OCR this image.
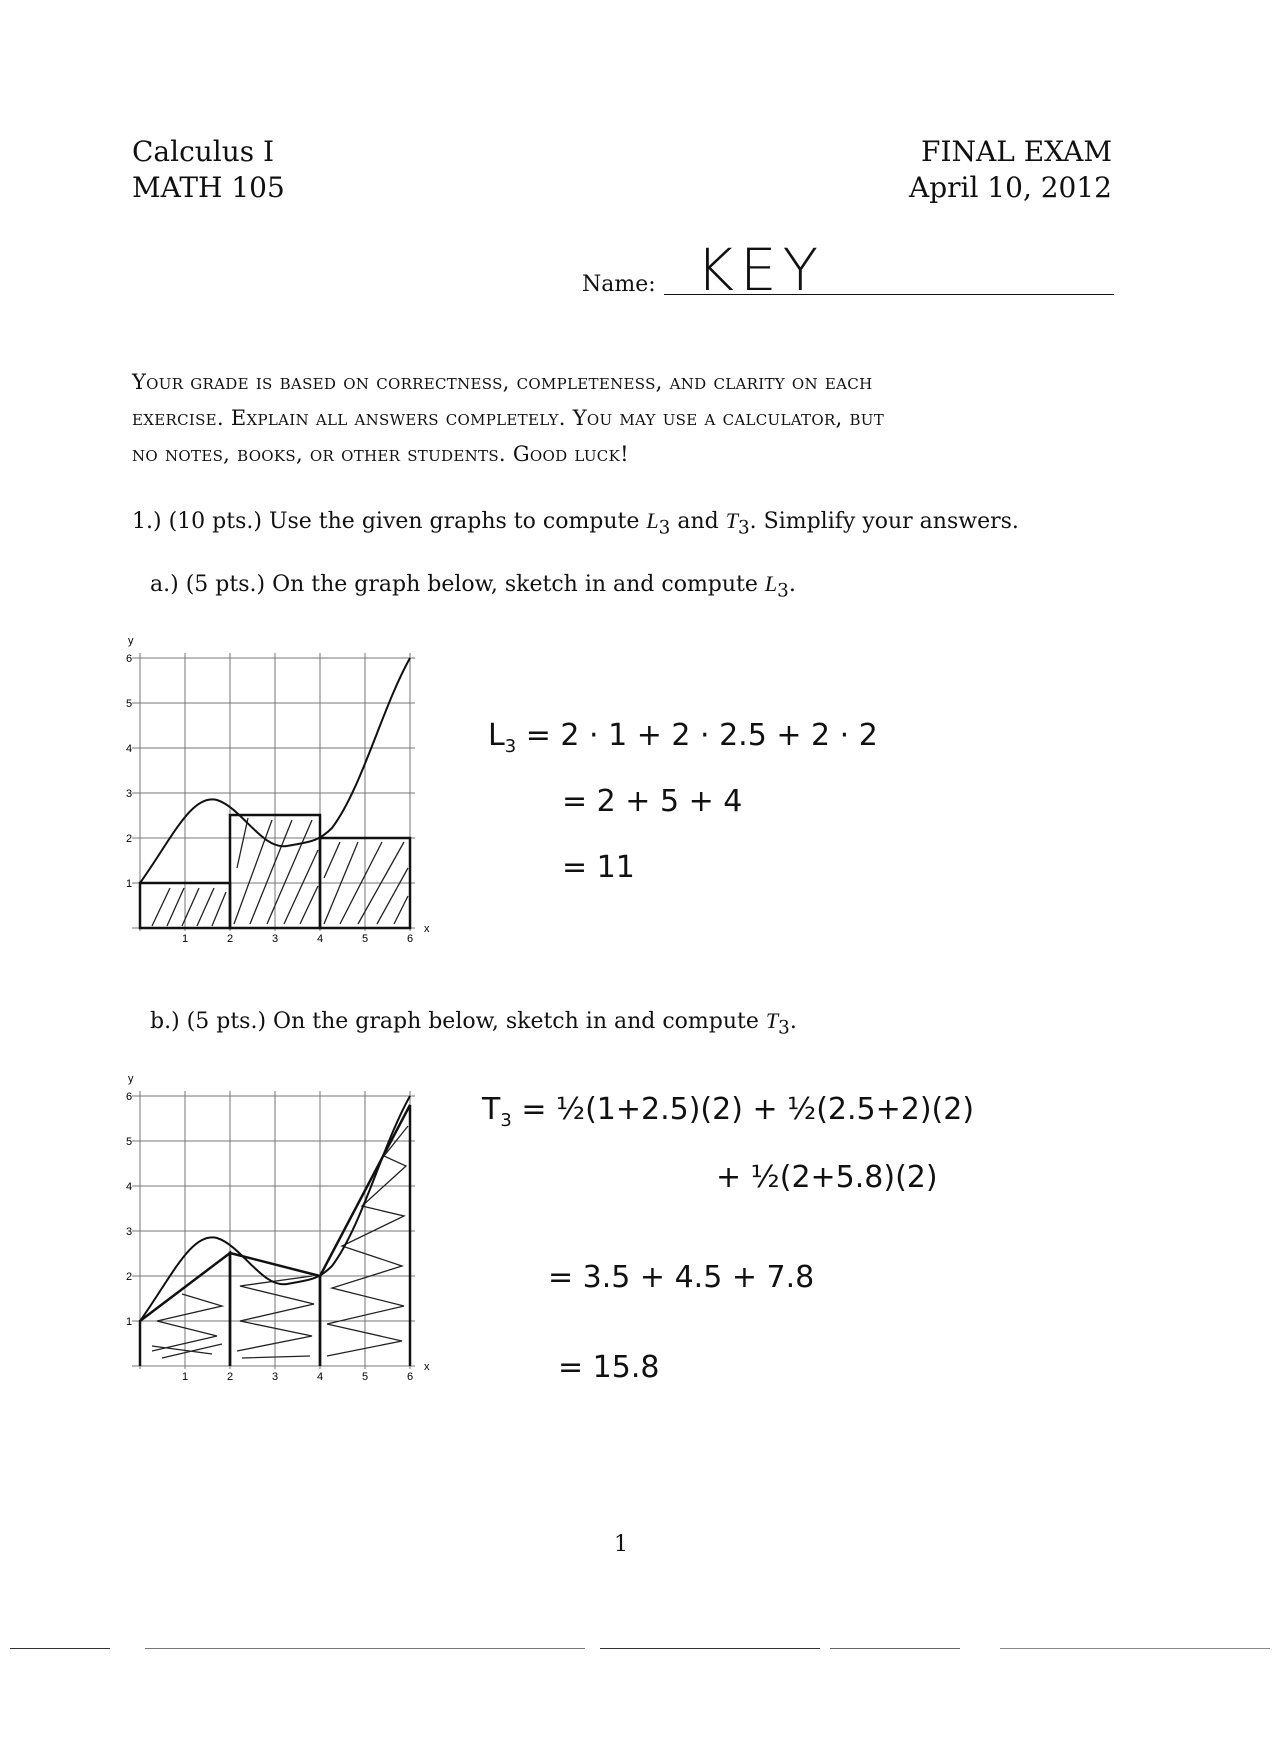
Calculus I
MATH 105
FINAL EXAM
April 10, 2012
Name: KEY
Your grade is based on correctness, completeness, and clarity on each
exercise. Explain all answers completely. You may use a calculator, but
no notes, books, or other students. Good luck!
1.) (10 pts.) Use the given graphs to compute $L_3$ and $T_3$. Simplify your answers.
a.) (5 pts.) On the graph below, sketch in and compute $L_3$.
1	2	3	4	5	6
1
2
3
4
5
6
x
y
$L_3 = 2 \cdot 1 + 2 \cdot 2.5 + 2 \cdot 2$
= 2 + 5 + 4
= 11
b.) (5 pts.) On the graph below, sketch in and compute $T_3$.
1	2	3	4	5	6
1
2
3
4
5
6
x
y
$T_3$ = ½(1+2.5)(2) + ½(2.5+2)(2)
+ ½(2+5.8)(2)
= 3.5 + 4.5 + 7.8
= 15.8
1
